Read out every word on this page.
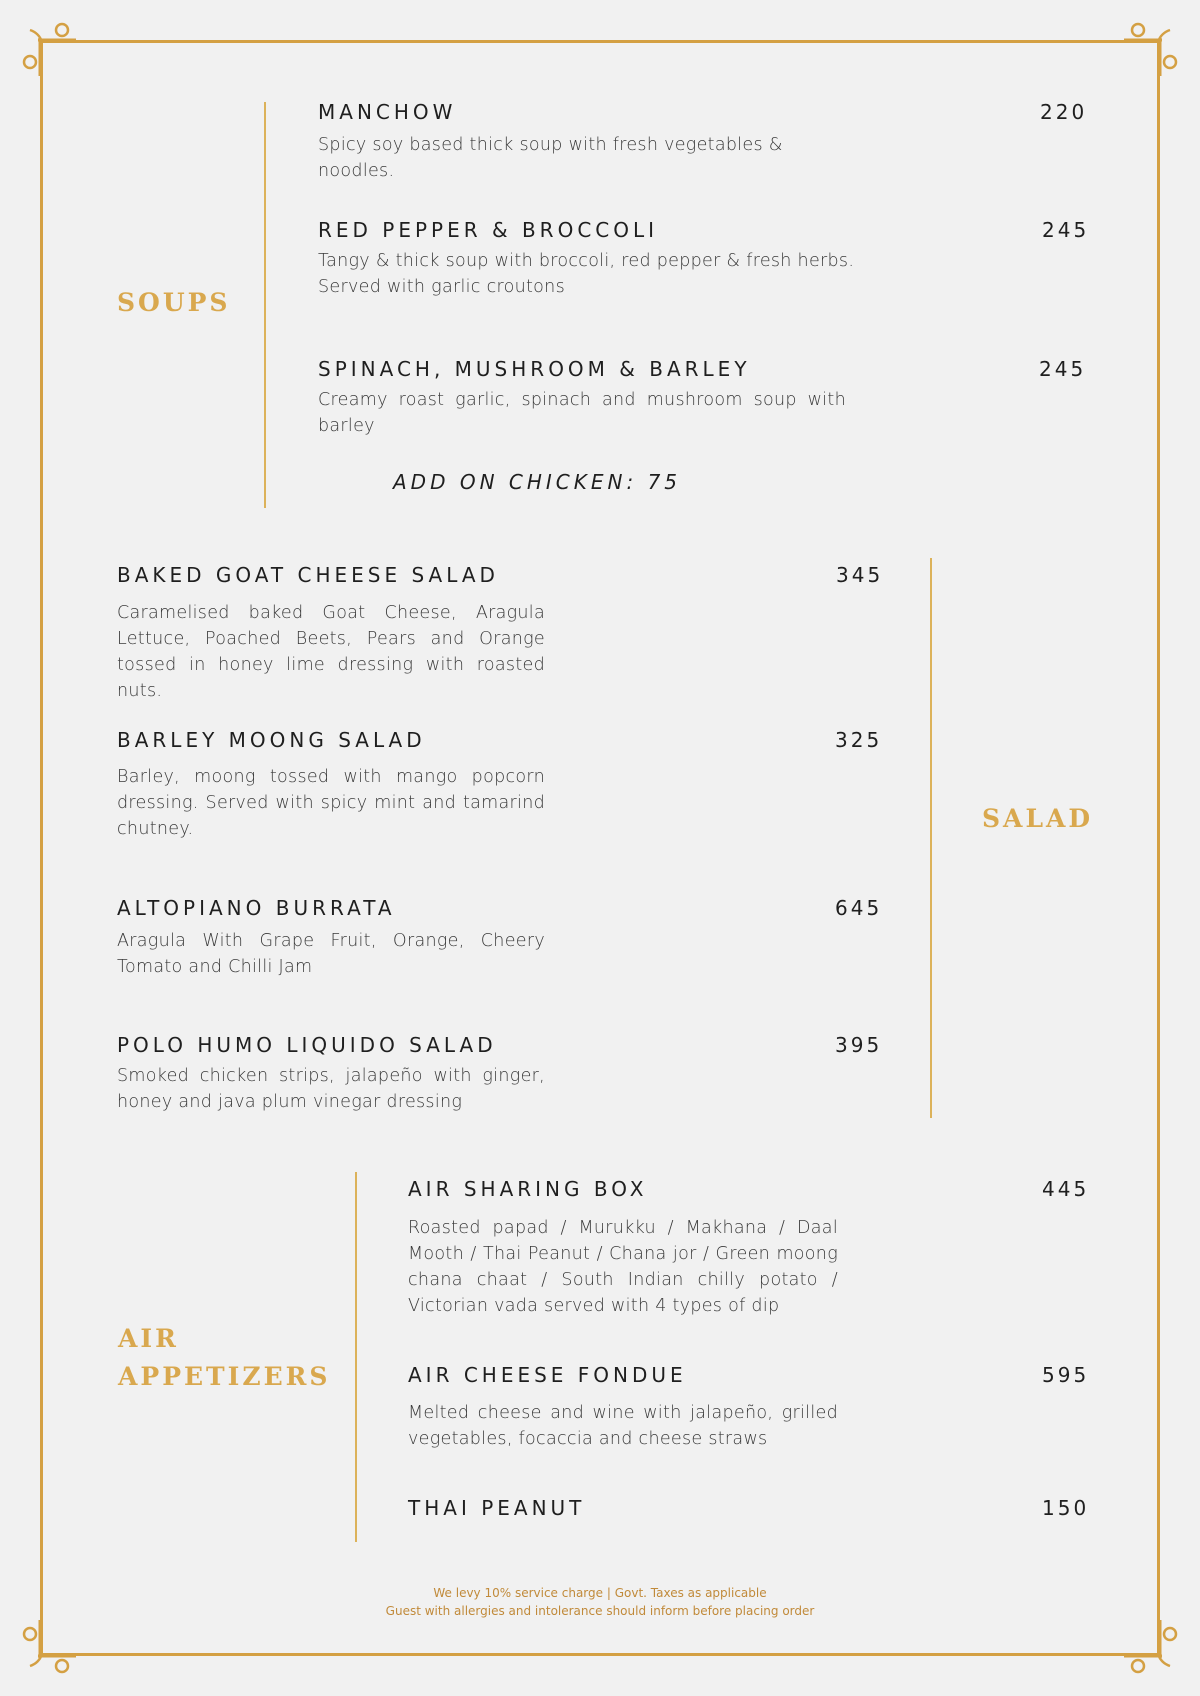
SOUPS
MANCHOW	220

Spicy soy based thick soup with fresh vegetables & noodles.

RED PEPPER & BROCCOLI	245

Tangy & thick soup with broccoli, red pepper & fresh herbs. Served with garlic croutons

SPINACH, MUSHROOM & BARLEY	245

Creamy roast garlic, spinach and mushroom soup with barley

ADD ON CHICKEN: 75

SALAD
BAKED GOAT CHEESE SALAD	345

Caramelised baked Goat Cheese, Aragula Lettuce, Poached Beets, Pears and Orange tossed in honey lime dressing with roasted nuts.

BARLEY MOONG SALAD	325

Barley, moong tossed with mango popcorn dressing. Served with spicy mint and tamarind chutney.

ALTOPIANO BURRATA	645

Aragula With Grape Fruit, Orange, Cheery Tomato and Chilli Jam

POLO HUMO LIQUIDO SALAD	395

Smoked chicken strips, jalapeño with ginger, honey and java plum vinegar dressing

AIR
APPETIZERS
AIR SHARING BOX	445

Roasted papad / Murukku / Makhana / Daal Mooth / Thai Peanut / Chana jor / Green moong chana chaat / South Indian chilly potato / Victorian vada served with 4 types of dip

AIR CHEESE FONDUE	595

Melted cheese and wine with jalapeño, grilled vegetables, focaccia and cheese straws

THAI PEANUT	150

We levy 10% service charge | Govt. Taxes as applicable

Guest with allergies and intolerance should inform before placing order
